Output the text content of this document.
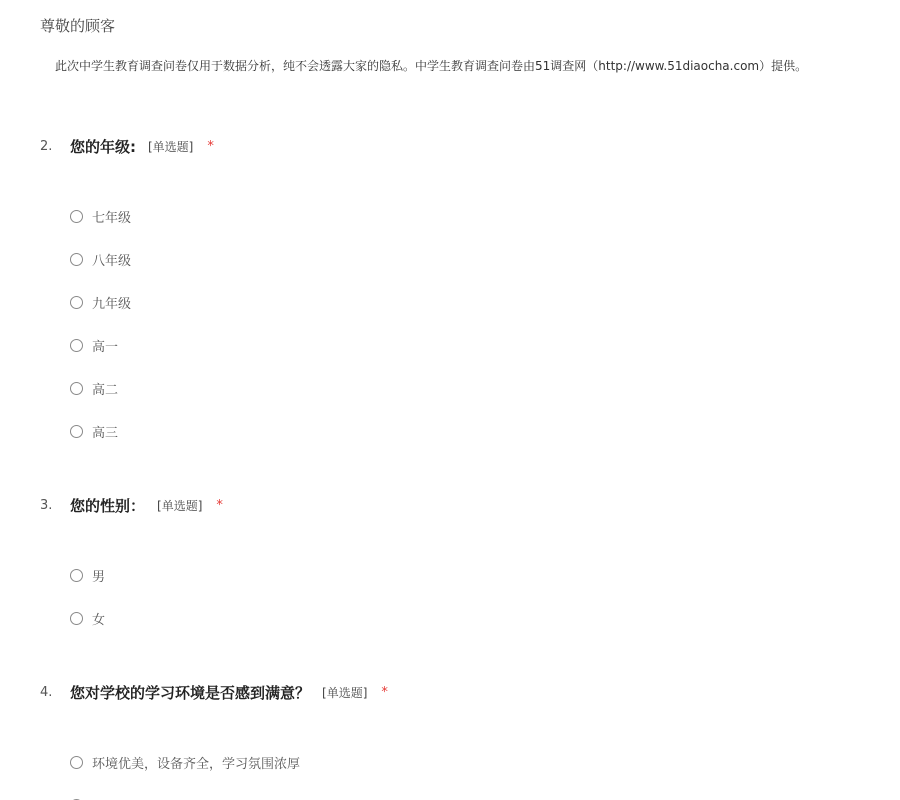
尊敬的顾客
此次中学生教育调查问卷仅用于数据分析，纯不会透露大家的隐私。中学生教育调查问卷由51调查网（http://www.51diaocha.com）提供。
2.	您的年级: [单选题] *
七年级
八年级
九年级
高一
高二
高三
3.	您的性别： [单选题] *
男
女
4.	您对学校的学习环境是否感到满意？ [单选题] *
环境优美，设备齐全，学习氛围浓厚
